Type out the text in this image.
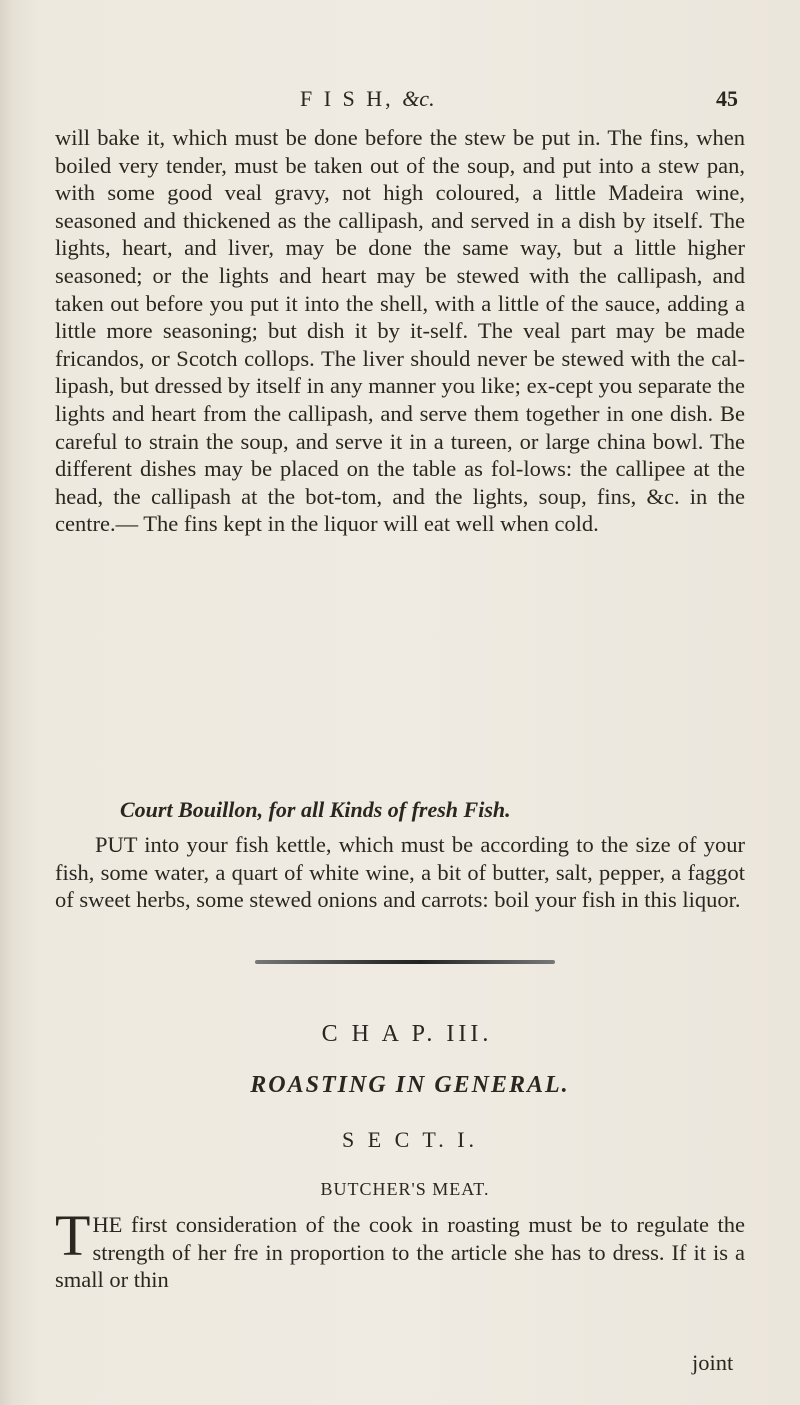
F I S H, &c.	45

will bake it, which must be done before the stew be put in. The fins, when boiled very tender, must be taken out of the soup, and put into a stew pan, with some good veal gravy, not high coloured, a little Madeira wine, seasoned and thickened as the callipash, and served in a dish by itself. The lights, heart, and liver, may be done the same way, but a little higher seasoned; or the lights and heart may be stewed with the callipash, and taken out before you put it into the shell, with a little of the sauce, adding a little more seasoning; but dish it by it-self. The veal part may be made fricandos, or Scotch collops. The liver should never be stewed with the cal-lipash, but dressed by itself in any manner you like; ex-cept you separate the lights and heart from the callipash, and serve them together in one dish. Be careful to strain the soup, and serve it in a tureen, or large china bowl. The different dishes may be placed on the table as fol-lows: the callipee at the head, the callipash at the bot-tom, and the lights, soup, fins, &c. in the centre.— The fins kept in the liquor will eat well when cold.

Court Bouillon, for all Kinds of fresh Fish.

PUT into your fish kettle, which must be according to the size of your fish, some water, a quart of white wine, a bit of butter, salt, pepper, a faggot of sweet herbs, some stewed onions and carrots: boil your fish in this liquor.

C H A P. III.
ROASTING IN GENERAL.
S E C T. I.
BUTCHER'S MEAT.

THE first consideration of the cook in roasting must be to regulate the strength of her fre in proportion to the article she has to dress. If it is a small or thin

joint
